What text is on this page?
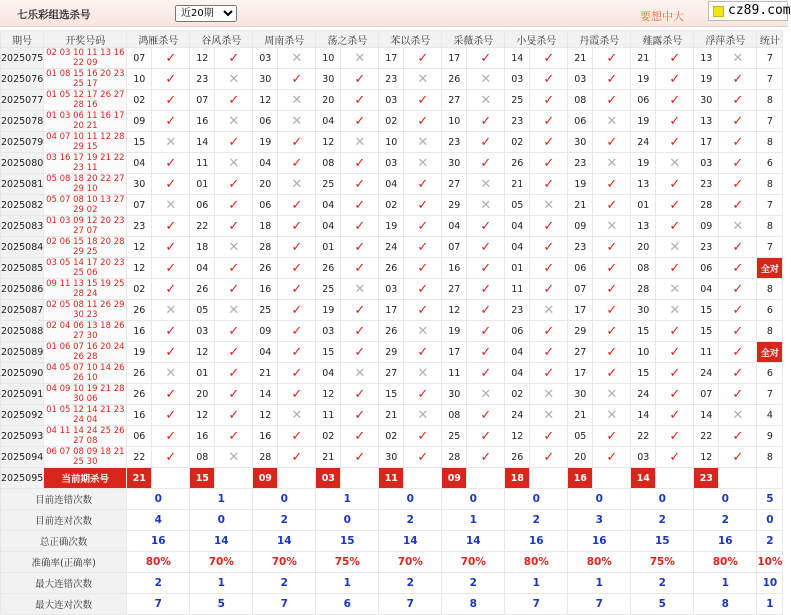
七乐彩组选杀号
近20期	要想中大	cz89.com
期号	开奖号码	鸿雁杀号		谷风杀号		周南杀号		荡之杀号		苯以杀号		采薇杀号		小旻杀号		丹霞杀号		薤露杀号		浮萍杀号		统计
2025075	02 03 10 11 13 16 22 09	07	✓	12	✓	03	✕	10	✕	17	✓	17	✓	14	✓	21	✓	21	✓	13	✕	7
2025076	01 08 15 16 20 23 25 17	10	✓	23	✕	30	✓	30	✓	23	✕	26	✕	03	✓	03	✓	19	✓	19	✓	7
2025077	01 05 12 17 26 27 28 16	02	✓	07	✓	12	✕	20	✓	03	✓	27	✕	25	✓	08	✓	06	✓	30	✓	8
2025078	01 03 06 11 16 17 20 21	09	✓	16	✕	06	✕	04	✓	02	✓	10	✓	23	✓	06	✕	19	✓	13	✓	7
2025079	04 07 10 11 12 28 29 15	15	✕	14	✓	19	✓	12	✕	10	✕	23	✓	02	✓	30	✓	24	✓	17	✓	8
2025080	03 16 17 19 21 22 23 11	04	✓	11	✕	04	✓	08	✓	03	✕	30	✓	26	✓	23	✕	19	✕	03	✓	6
2025081	05 08 18 20 22 27 29 10	30	✓	01	✓	20	✕	25	✓	04	✓	27	✕	21	✓	19	✓	13	✓	23	✓	8
2025082	05 07 08 10 13 27 29 02	07	✕	06	✓	06	✓	04	✓	02	✓	29	✕	05	✕	21	✓	01	✓	28	✓	7
2025083	01 03 09 12 20 23 27 07	23	✓	22	✓	18	✓	04	✓	19	✓	04	✓	04	✓	09	✕	13	✓	09	✕	8
2025084	02 06 15 18 20 28 29 25	12	✓	18	✕	28	✓	01	✓	24	✓	07	✓	04	✓	23	✓	20	✕	23	✓	7
2025085	03 05 14 17 20 23 25 06	12	✓	04	✓	26	✓	26	✓	26	✓	16	✓	01	✓	06	✓	08	✓	06	✓	全对
2025086	09 11 13 15 19 25 28 24	02	✓	26	✓	16	✓	25	✕	03	✓	27	✓	11	✓	07	✓	28	✕	04	✓	8
2025087	02 05 08 11 26 29 30 23	26	✕	05	✕	25	✓	19	✓	17	✓	12	✓	23	✕	17	✓	30	✕	15	✓	6
2025088	02 04 06 13 18 26 27 30	16	✓	03	✓	09	✓	03	✓	26	✕	19	✓	06	✓	29	✓	15	✓	15	✓	8
2025089	01 06 07 16 20 24 26 28	19	✓	12	✓	04	✓	15	✓	29	✓	17	✓	04	✓	27	✓	10	✓	11	✓	全对
2025090	04 05 07 10 14 26 26 10	26	✕	01	✓	21	✓	04	✕	27	✕	11	✓	04	✓	17	✓	15	✓	24	✓	6
2025091	04 09 10 19 21 28 30 06	26	✓	20	✓	14	✓	12	✓	15	✓	30	✕	02	✕	30	✕	24	✓	07	✓	7
2025092	01 05 12 14 21 23 24 04	16	✓	12	✓	12	✕	11	✓	21	✕	08	✓	24	✕	21	✕	14	✓	14	✕	4
2025093	04 11 14 24 25 26 27 08	06	✓	16	✓	16	✓	02	✓	02	✓	25	✓	12	✓	05	✓	22	✓	22	✓	9
2025094	06 07 08 09 18 21 25 30	22	✓	08	✕	28	✓	21	✓	30	✓	28	✓	26	✓	20	✓	03	✓	12	✓	8
2025095	当前期杀号	21		15		09		03		11		09		18		16		14		23		
目前连错次数		0		1		0		1		0		0		0		0		0		0		5
目前连对次数		4		0		2		0		2		1		2		3		2		2		0
总正确次数		16		14		14		15		14		14		16		16		15		16		2
准确率(正确率)		80%		70%		70%		75%		70%		70%		80%		80%		75%		80%		10%
最大连错次数		2		1		2		1		2		2		1		1		2		1		10
最大连对次数		7		5		7		6		7		8		7		7		5		8		1
